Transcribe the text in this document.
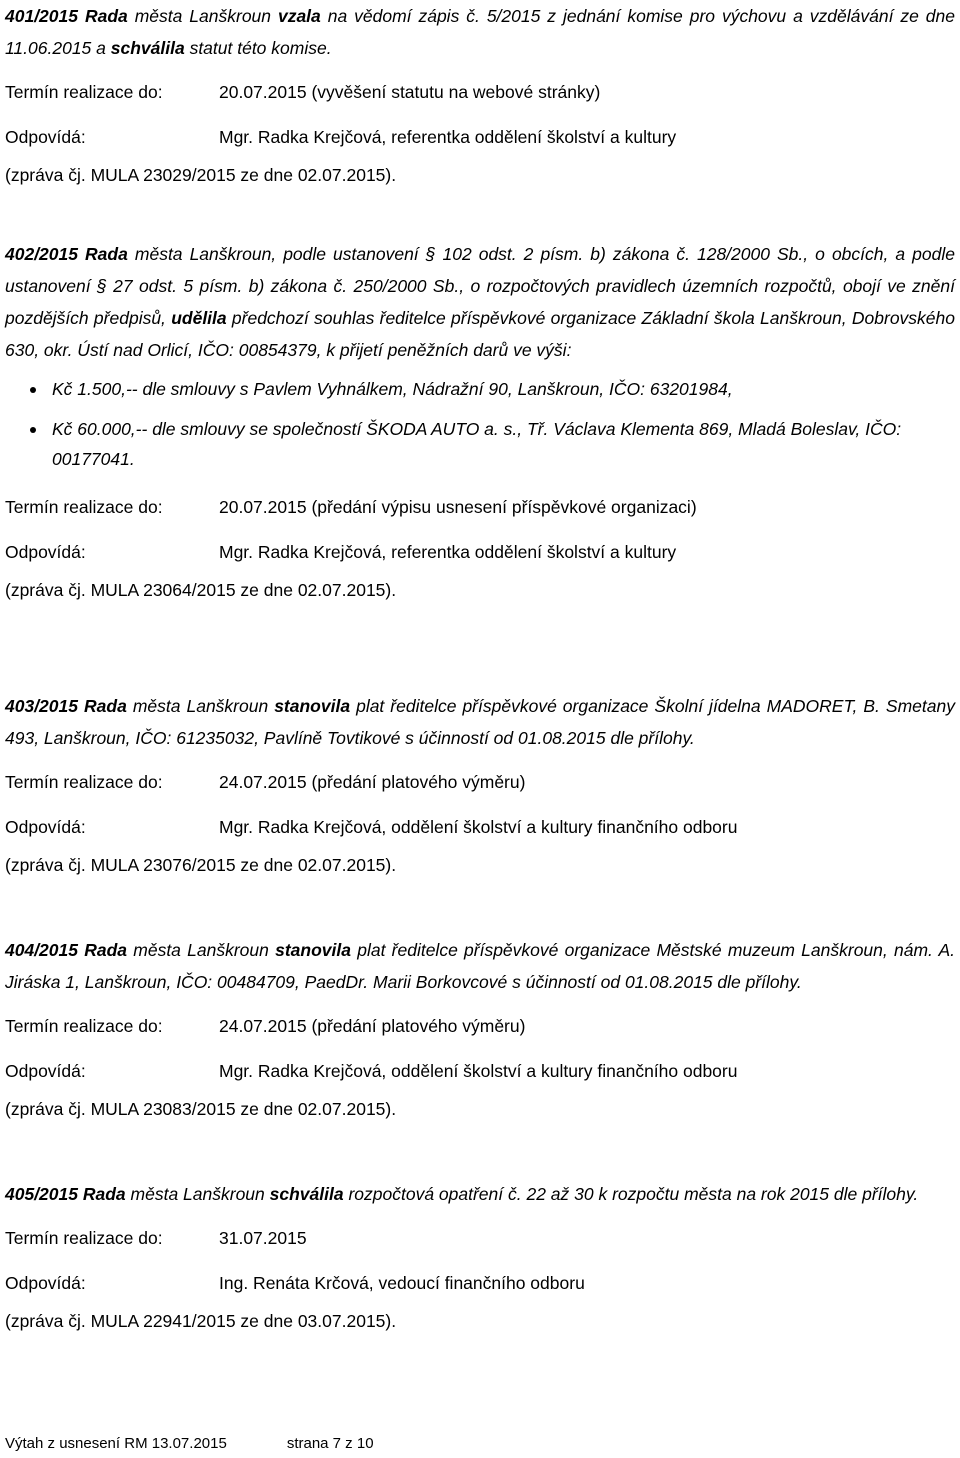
401/2015 Rada města Lanškroun vzala na vědomí zápis č. 5/2015 z jednání komise pro výchovu a vzdělávání ze dne 11.06.2015 a schválila statut této komise.

Termín realizace do:	20.07.2015 (vyvěšení statutu na webové stránky)
Odpovídá:	Mgr. Radka Krejčová, referentka oddělení školství a kultury
(zpráva čj. MULA 23029/2015 ze dne 02.07.2015).

402/2015 Rada města Lanškroun, podle ustanovení § 102 odst. 2 písm. b) zákona č. 128/2000 Sb., o obcích, a podle ustanovení § 27 odst. 5 písm. b) zákona č. 250/2000 Sb., o rozpočtových pravidlech územních rozpočtů, obojí ve znění pozdějších předpisů, udělila předchozí souhlas ředitelce příspěvkové organizace Základní škola Lanškroun, Dobrovského 630, okr. Ústí nad Orlicí, IČO: 00854379, k přijetí peněžních darů ve výši:

Kč 1.500,-- dle smlouvy s Pavlem Vyhnálkem, Nádražní 90, Lanškroun, IČO: 63201984,
Kč 60.000,-- dle smlouvy se společností ŠKODA AUTO a. s., Tř. Václava Klementa 869, Mladá Boleslav, IČO: 00177041.
Termín realizace do:	20.07.2015 (předání výpisu usnesení příspěvkové organizaci)
Odpovídá:	Mgr. Radka Krejčová, referentka oddělení školství a kultury
(zpráva čj. MULA 23064/2015 ze dne 02.07.2015).

403/2015 Rada města Lanškroun stanovila plat ředitelce příspěvkové organizace Školní jídelna MADORET, B. Smetany 493, Lanškroun, IČO: 61235032, Pavlíně Tovtikové s účinností od 01.08.2015 dle přílohy.

Termín realizace do:	24.07.2015 (předání platového výměru)
Odpovídá:	Mgr. Radka Krejčová, oddělení školství a kultury finančního odboru
(zpráva čj. MULA 23076/2015 ze dne 02.07.2015).

404/2015 Rada města Lanškroun stanovila plat ředitelce příspěvkové organizace Městské muzeum Lanškroun, nám. A. Jiráska 1, Lanškroun, IČO: 00484709, PaedDr. Marii Borkovcové s účinností od 01.08.2015 dle přílohy.

Termín realizace do:	24.07.2015 (předání platového výměru)
Odpovídá:	Mgr. Radka Krejčová, oddělení školství a kultury finančního odboru
(zpráva čj. MULA 23083/2015 ze dne 02.07.2015).

405/2015 Rada města Lanškroun schválila rozpočtová opatření č. 22 až 30 k rozpočtu města na rok 2015 dle přílohy.

Termín realizace do:	31.07.2015
Odpovídá:	Ing. Renáta Krčová, vedoucí finančního odboru
(zpráva čj. MULA 22941/2015 ze dne 03.07.2015).
Výtah z usnesení RM 13.07.2015	strana 7 z 10
